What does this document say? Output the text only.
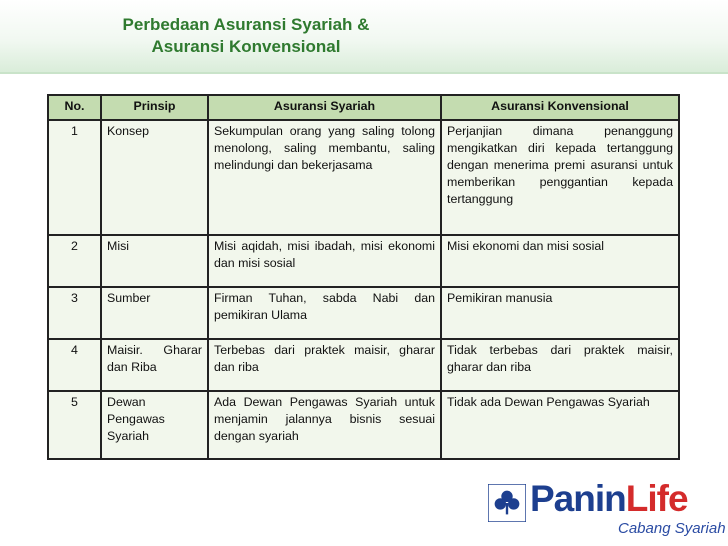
Perbedaan Asuransi Syariah &
Asuransi Konvensional
No.	Prinsip	Asuransi Syariah	Asuransi Konvensional
1	Konsep	Sekumpulan orang yang saling tolong menolong, saling membantu, saling melindungi dan bekerjasama	Perjanjian dimana penanggung mengikatkan diri kepada tertanggung dengan menerima premi asuransi untuk memberikan penggantian kepada tertanggung
2	Misi	Misi aqidah, misi ibadah, misi ekonomi dan misi sosial	Misi ekonomi dan misi sosial
3	Sumber	Firman Tuhan, sabda Nabi dan pemikiran Ulama	Pemikiran manusia
4	Maisir. Gharar dan Riba	Terbebas dari praktek maisir, gharar dan riba	Tidak terbebas dari praktek maisir, gharar dan riba
5	Dewan Pengawas Syariah	Ada Dewan Pengawas Syariah untuk menjamin jalannya bisnis sesuai dengan syariah	Tidak ada Dewan Pengawas Syariah
PaninLife
Cabang Syariah
